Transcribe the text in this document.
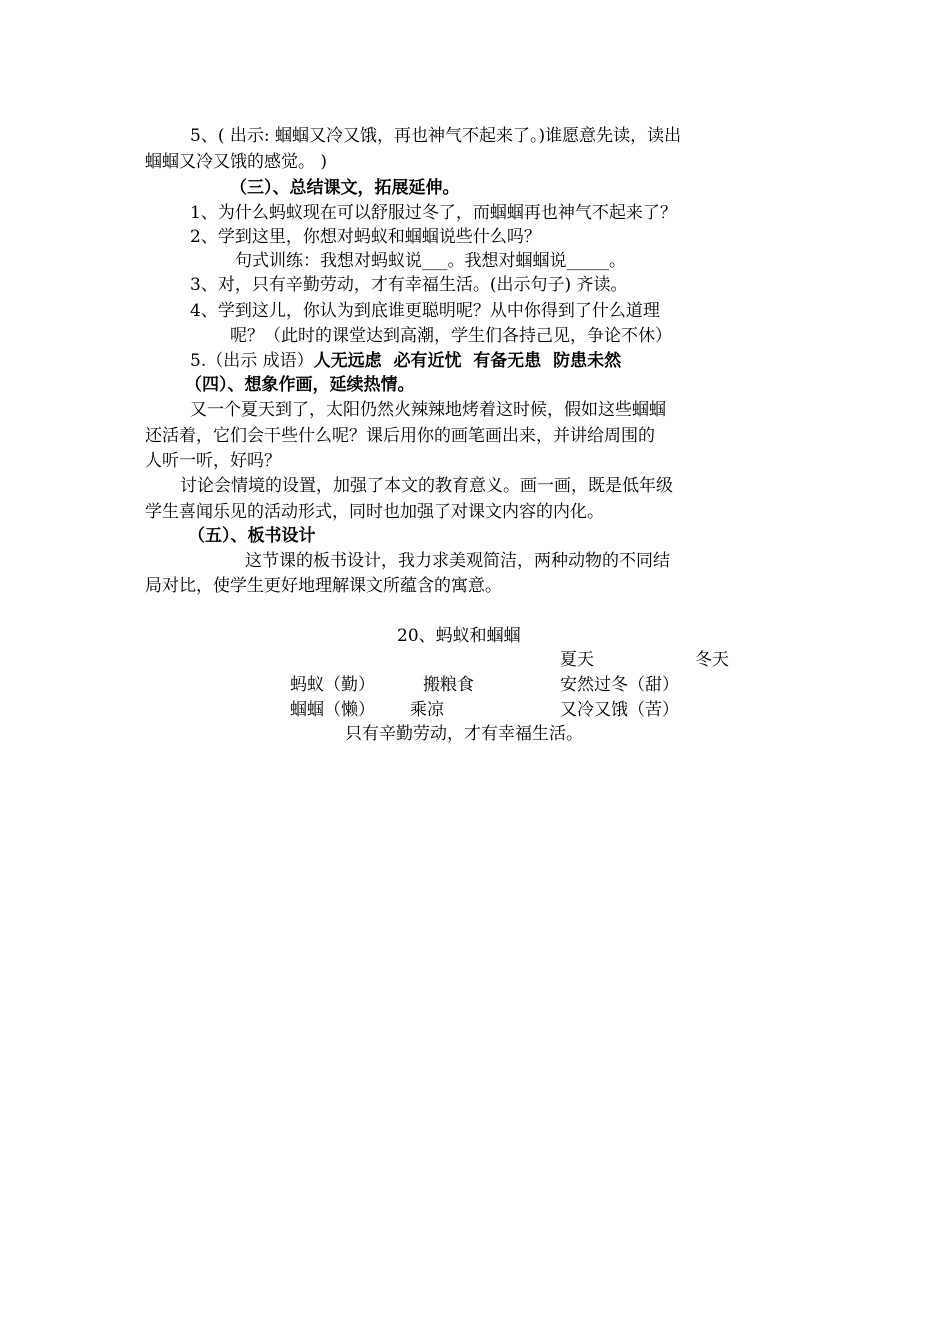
5、( 出示: 蝈蝈又冷又饿，再也神气不起来了。)谁愿意先读，读出
蝈蝈又冷又饿的感觉。 )
（三）、总结课文，拓展延伸。
1、为什么蚂蚁现在可以舒服过冬了，而蝈蝈再也神气不起来了？
2、学到这里，你想对蚂蚁和蝈蝈说些什么吗？
句式训练：我想对蚂蚁说___。我想对蝈蝈说_____。
3、对，只有辛勤劳动，才有幸福生活。(出示句子) 齐读。
4、学到这儿，你认为到底谁更聪明呢？从中你得到了什么道理
呢？（此时的课堂达到高潮，学生们各持己见，争论不休）
5.（出示 成语）人无远虑  必有近忧  有备无患  防患未然
（四）、想象作画，延续热情。
又一个夏天到了，太阳仍然火辣辣地烤着这时候，假如这些蝈蝈
还活着，它们会干些什么呢？课后用你的画笔画出来，并讲给周围的
人听一听，好吗？
讨论会情境的设置，加强了本文的教育意义。画一画，既是低年级
学生喜闻乐见的活动形式，同时也加强了对课文内容的内化。
（五）、板书设计
这节课的板书设计，我力求美观简洁，两种动物的不同结
局对比，使学生更好地理解课文所蕴含的寓意。
20、蚂蚁和蝈蝈
夏天	冬天
蚂蚁（勤）	搬粮食	安然过冬（甜）
蝈蝈（懒） 乘凉	又冷又饿（苦）
只有辛勤劳动，才有幸福生活。
